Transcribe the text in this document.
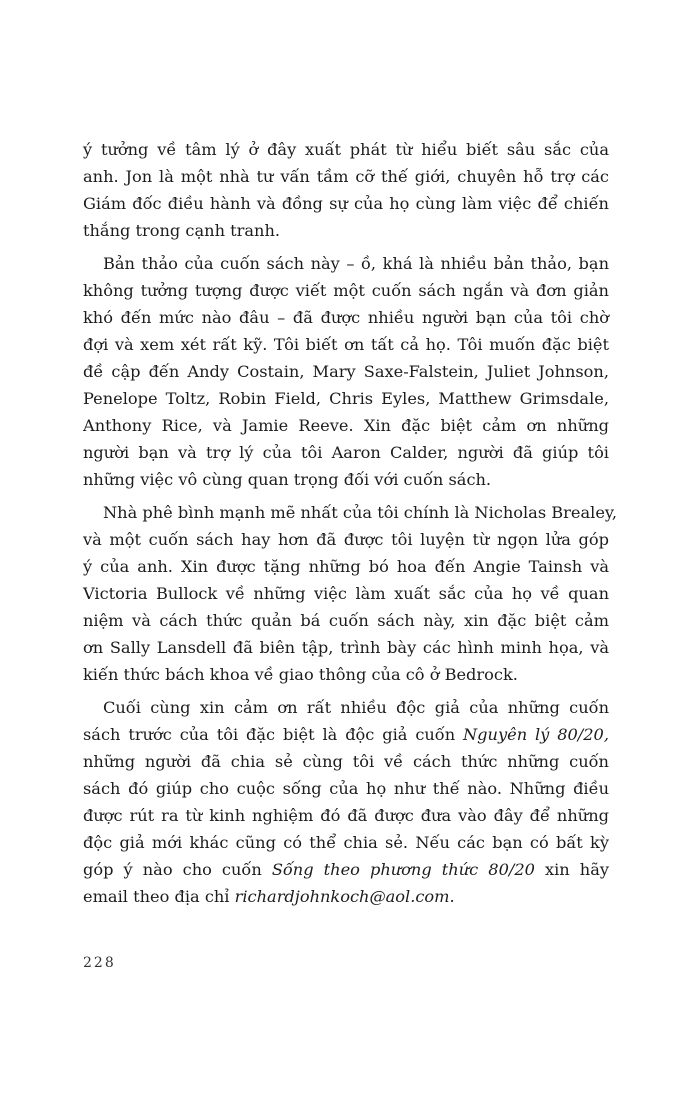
ý tưởng về tâm lý ở đây xuất phát từ hiểu biết sâu sắc của
anh. Jon là một nhà tư vấn tầm cỡ thế giới, chuyên hỗ trợ các
Giám đốc điều hành và đồng sự của họ cùng làm việc để chiến
thắng trong cạnh tranh.

Bản thảo của cuốn sách này – ồ, khá là nhiều bản thảo, bạn
không tưởng tượng được viết một cuốn sách ngắn và đơn giản
khó đến mức nào đâu – đã được nhiều người bạn của tôi chờ
đợi và xem xét rất kỹ. Tôi biết ơn tất cả họ. Tôi muốn đặc biệt
đề cập đến Andy Costain, Mary Saxe-Falstein, Juliet Johnson,
Penelope Toltz, Robin Field, Chris Eyles, Matthew Grimsdale,
Anthony Rice, và Jamie Reeve. Xin đặc biệt cảm ơn những
người bạn và trợ lý của tôi Aaron Calder, người đã giúp tôi
những việc vô cùng quan trọng đối với cuốn sách.

Nhà phê bình mạnh mẽ nhất của tôi chính là Nicholas Brealey,
và một cuốn sách hay hơn đã được tôi luyện từ ngọn lửa góp
ý của anh. Xin được tặng những bó hoa đến Angie Tainsh và
Victoria Bullock về những việc làm xuất sắc của họ về quan
niệm và cách thức quản bá cuốn sách này, xin đặc biệt cảm
ơn Sally Lansdell đã biên tập, trình bày các hình minh họa, và
kiến thức bách khoa về giao thông của cô ở Bedrock.

Cuối cùng xin cảm ơn rất nhiều độc giả của những cuốn
sách trước của tôi đặc biệt là độc giả cuốn Nguyên lý 80/20,
những người đã chia sẻ cùng tôi về cách thức những cuốn
sách đó giúp cho cuộc sống của họ như thế nào. Những điều
được rút ra từ kinh nghiệm đó đã được đưa vào đây để những
độc giả mới khác cũng có thể chia sẻ. Nếu các bạn có bất kỳ
góp ý nào cho cuốn Sống theo phương thức 80/20 xin hãy
email theo địa chỉ richardjohnkoch@aol.com.

228
